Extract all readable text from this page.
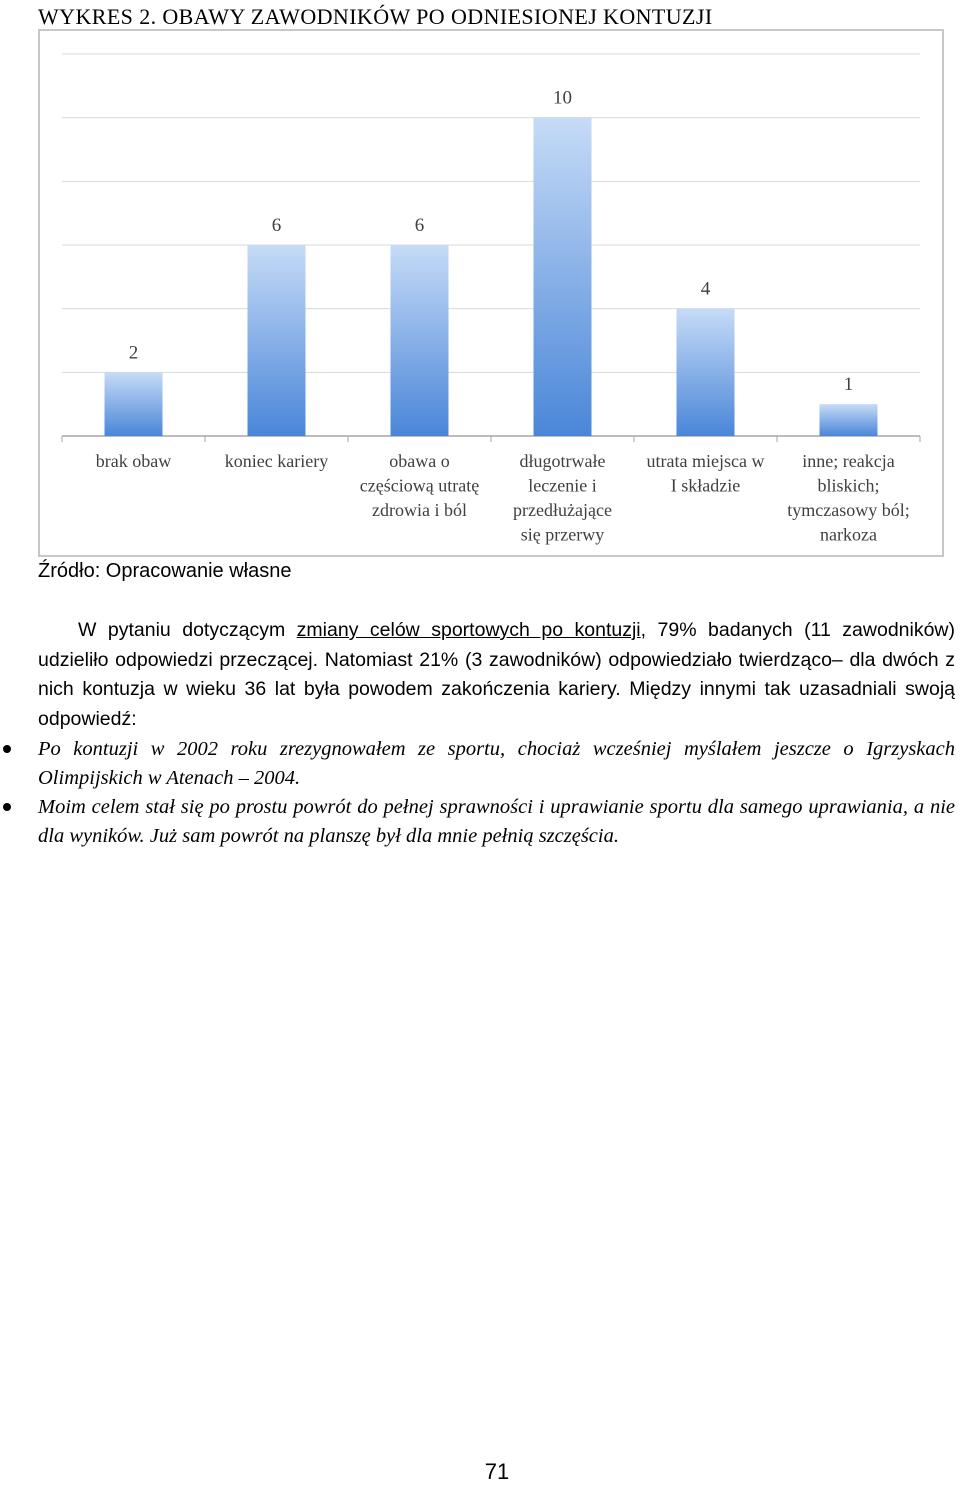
WYKRES 2. OBAWY ZAWODNIKÓW PO ODNIESIONEJ KONTUZJI
2
brak obaw
6
koniec kariery
6
obawa o częściową utratę zdrowia i ból
10
długotrwałe leczenie i przedłużające się przerwy
4
utrata miejsca w I składzie
1
inne; reakcja bliskich; tymczasowy ból; narkoza

Źródło: Opracowanie własne

W pytaniu dotyczącym zmiany celów sportowych po kontuzji, 79% badanych (11 zawodników) udzieliło odpowiedzi przeczącej. Natomiast 21% (3 zawodników) odpowiedziało twierdząco– dla dwóch z nich kontuzja w wieku 36 lat była powodem zakończenia kariery. Między innymi tak uzasadniali swoją odpowiedź:

Po kontuzji w 2002 roku zrezygnowałem ze sportu, chociaż wcześniej myślałem jeszcze o Igrzyskach Olimpijskich w Atenach – 2004.

Moim celem stał się po prostu powrót do pełnej sprawności i uprawianie sportu dla samego uprawiania, a nie dla wyników. Już sam powrót na planszę był dla mnie pełnią szczęścia.

71
